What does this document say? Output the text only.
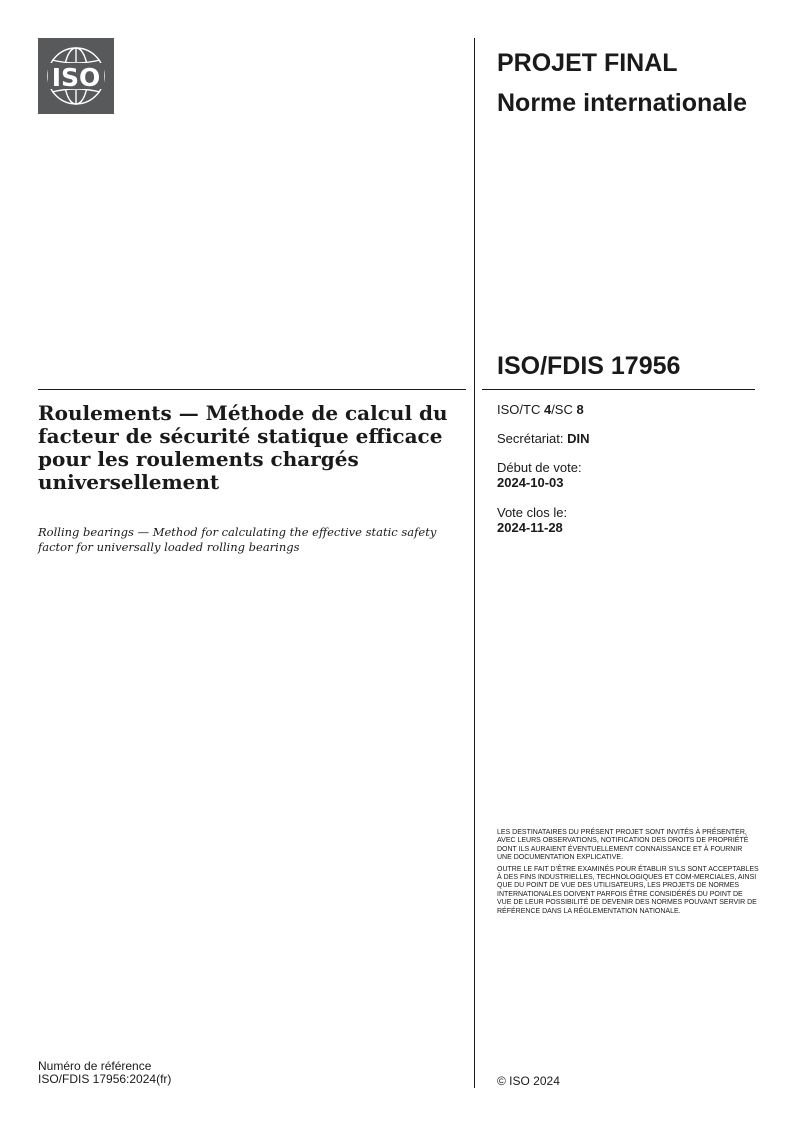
ISO	PROJET FINAL
Norme internationale
ISO/FDIS 17956
Roulements — Méthode de calcul du facteur de sécurité statique efficace pour les roulements chargés universellement
Rolling bearings — Method for calculating the effective static safety factor for universally loaded rolling bearings
ISO/TC 4/SC 8
Secrétariat: DIN
Début de vote:
2024-10-03
Vote clos le:
2024-11-28

LES DESTINATAIRES DU PRÉSENT PROJET SONT INVITÉS À PRÉSENTER, AVEC LEURS OBSERVATIONS, NOTIFICATION DES DROITS DE PROPRIÉTÉ DONT ILS AURAIENT ÉVENTUELLEMENT CONNAISSANCE ET À FOURNIR UNE DOCUMENTATION EXPLICATIVE.

OUTRE LE FAIT D’ÊTRE EXAMINÉS POUR ÉTABLIR S’ILS SONT ACCEPTABLES À DES FINS INDUSTRIELLES, TECHNOLOGIQUES ET COM-MERCIALES, AINSI QUE DU POINT DE VUE DES UTILISATEURS, LES PROJETS DE NORMES INTERNATIONALES DOIVENT PARFOIS ÊTRE CONSIDÉRÉS DU POINT DE VUE DE LEUR POSSIBILITÉ DE DEVENIR DES NORMES POUVANT SERVIR DE RÉFÉRENCE DANS LA RÉGLEMENTATION NATIONALE.

Numéro de référence
ISO/FDIS 17956:2024(fr)	© ISO 2024
